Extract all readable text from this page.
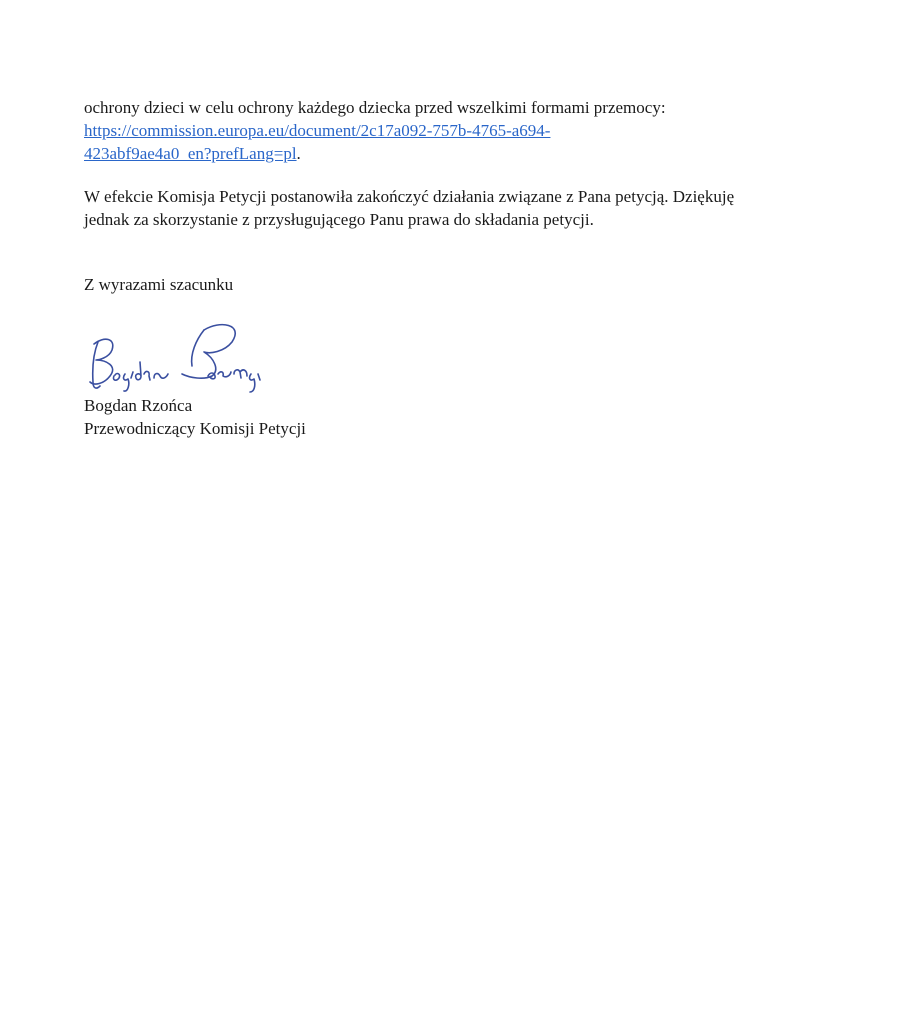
ochrony dzieci w celu ochrony każdego dziecka przed wszelkimi formami przemocy:
https://commission.europa.eu/document/2c17a092-757b-4765-a694-
423abf9ae4a0_en?prefLang=pl.
W efekcie Komisja Petycji postanowiła zakończyć działania związane z Pana petycją. Dziękuję
jednak za skorzystanie z przysługującego Panu prawa do składania petycji.
Z wyrazami szacunku
Bogdan Rzońca
Przewodniczący Komisji Petycji
